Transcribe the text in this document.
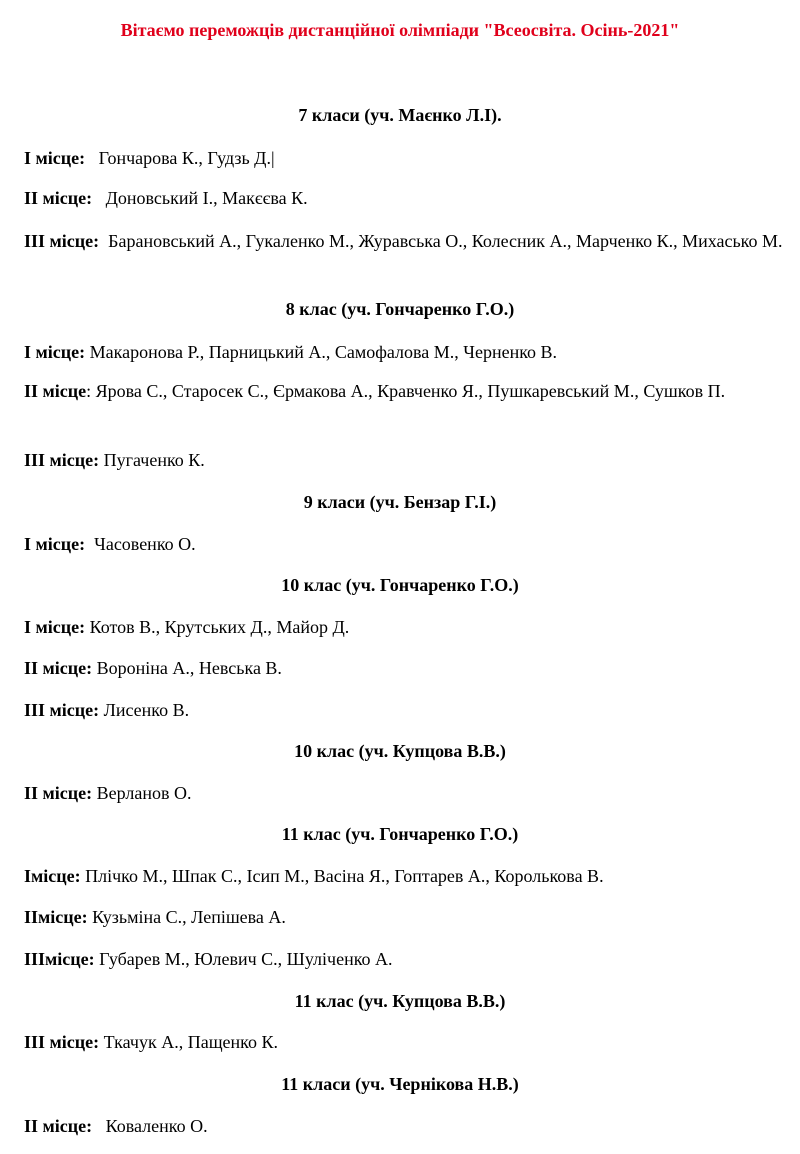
Вітаємо переможців дистанційної олімпіади "Всеосвіта. Осінь-2021"
7 класи (уч. Маєнко Л.І).
I місце:   Гончарова К., Гудзь Д.|
II місце:   Доновський І., Макєєва К.
III місце:  Барановський А., Гукаленко М., Журавська О., Колесник А., Марченко К., Михасько М.
8 клас (уч. Гончаренко Г.О.)
I місце: Макаронова Р., Парницький А., Самофалова М., Черненко В.
II місце: Ярова С., Старосек С., Єрмакова А., Кравченко Я., Пушкаревський М., Сушков П.
III місце: Пугаченко К.
9 класи (уч. Бензар Г.І.)
I місце:  Часовенко О.
10 клас (уч. Гончаренко Г.О.)
I місце: Котов В., Крутських Д., Майор Д.
II місце: Вороніна А., Невська В.
III місце: Лисенко В.
10 клас (уч. Купцова В.В.)
II місце: Верланов О.
11 клас (уч. Гончаренко Г.О.)
Імісце: Плічко М., Шпак С., Ісип М., Васіна Я., Гоптарев А., Королькова В.
ІІмісце: Кузьміна С., Лепішева А.
ІІІмісце: Губарев М., Юлевич С., Шуліченко А.
11 клас (уч. Купцова В.В.)
III місце: Ткачук А., Пащенко К.
11 класи (уч. Чернікова Н.В.)
II місце:   Коваленко О.
